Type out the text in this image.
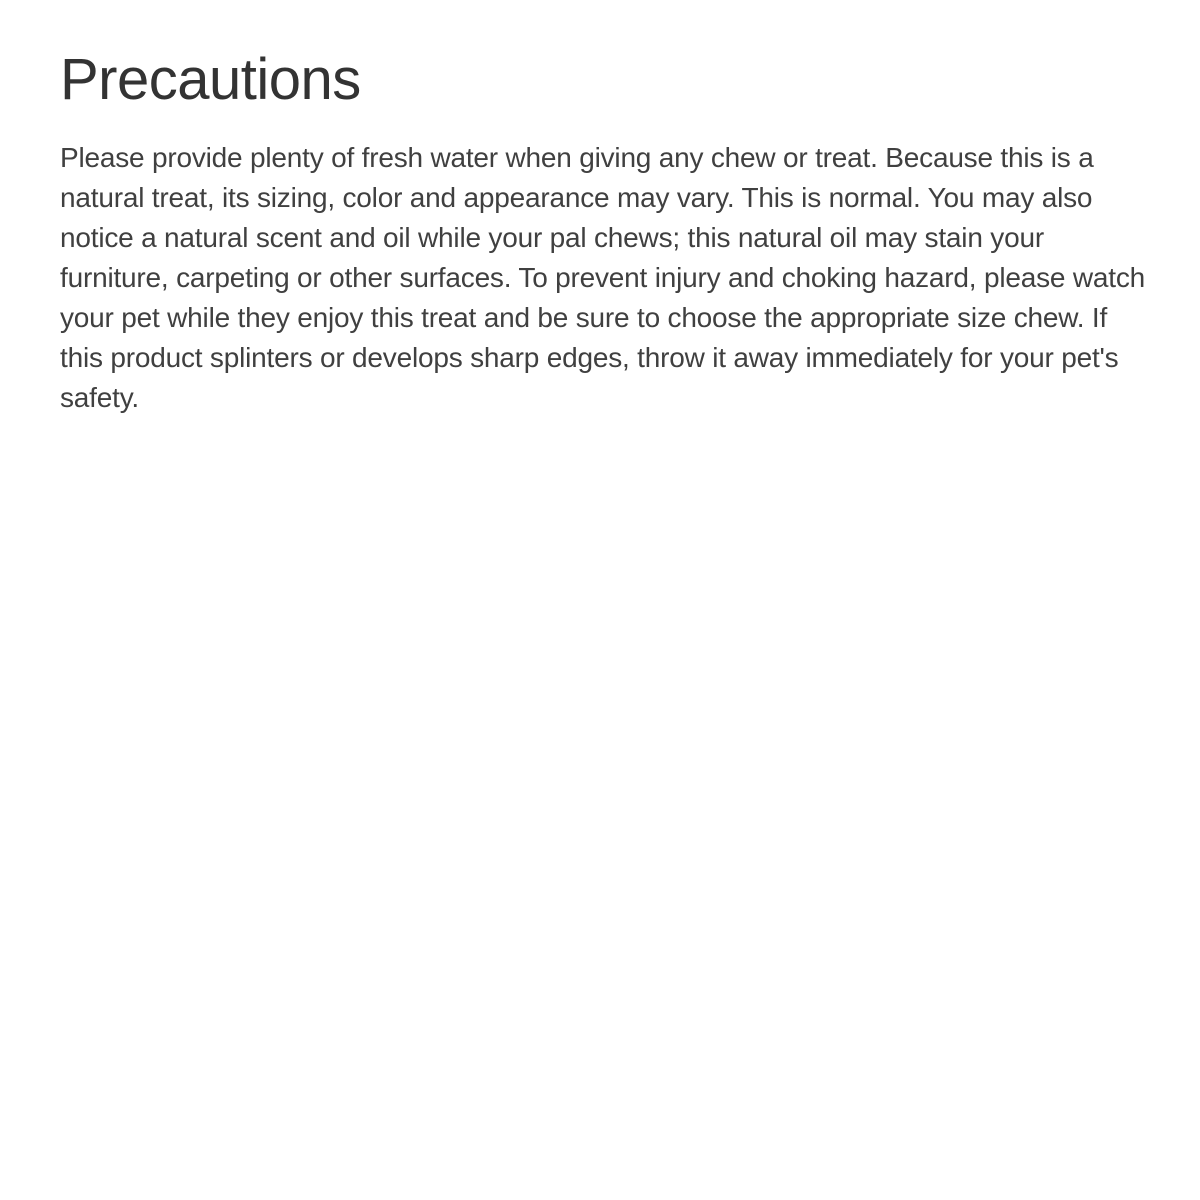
Precautions

Please provide plenty of fresh water when giving any chew or treat. Because this is a natural treat, its sizing, color and appearance may vary. This is normal. You may also notice a natural scent and oil while your pal chews; this natural oil may stain your furniture, carpeting or other surfaces. To prevent injury and choking hazard, please watch your pet while they enjoy this treat and be sure to choose the appropriate size chew. If this product splinters or develops sharp edges, throw it away immediately for your pet's safety.
